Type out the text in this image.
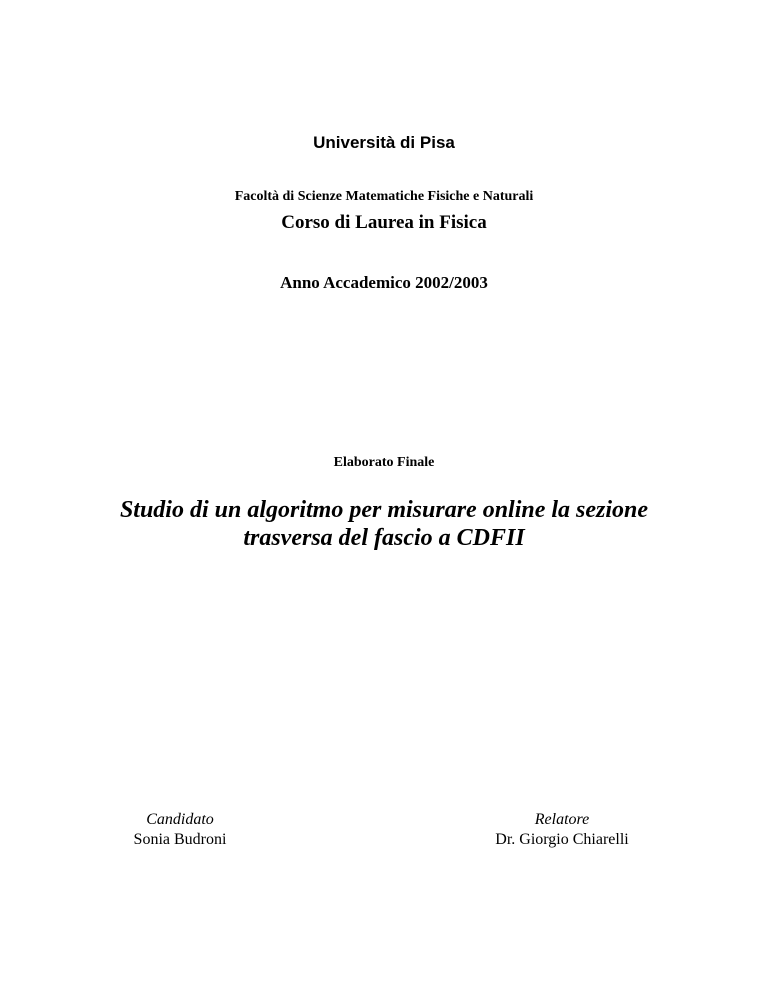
Università di Pisa

Facoltà di Scienze Matematiche Fisiche e Naturali

Corso di Laurea in Fisica

Anno Accademico 2002/2003

Elaborato Finale

Studio di un algoritmo per misurare online la sezione
trasversa del fascio a CDFII
Candidato
Sonia Budroni
Relatore
Dr. Giorgio Chiarelli
